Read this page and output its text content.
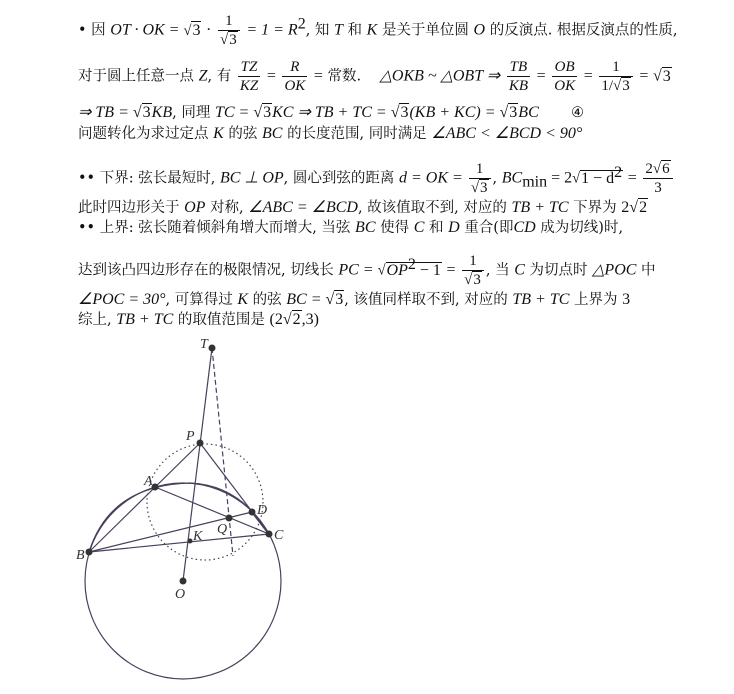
• 因 OT · OK = $√3 \cdot \frac{1}{√3} = 1 = R^2$, 知 T 和 K 是关于单位圆 O 的反演点. 根据反演点的性质,
对于圆上任意一点 Z, 有 $\frac{TZ}{KZ} = \frac{R}{OK}$ = 常数. △OKB ~ △OBT ⇒ $\frac{TB}{KB} = \frac{OB}{OK} = \frac{1}{1/√3} = √3$
⇒ TB = √3KB, 同理 TC = √3KC ⇒ TB + TC = √3(KB + KC) = √3BC ④
问题转化为求过定点 K 的弦 BC 的长度范围, 同时满足 ∠ABC < ∠BCD < 90°
•• 下界: 弦长最短时, BC ⊥ OP, 圆心到弦的距离 d = OK = $\frac{1}{√3}$ , $BC_{min} = 2√1 - d^2 = \frac{2√6}{3}$
此时四边形关于 OP 对称, ∠ABC = ∠BCD, 故该值取不到, 对应的 TB + TC 下界为 2√2
•• 上界: 弦长随着倾斜角增大而增大, 当弦 BC 使得 C 和 D 重合(即CD 成为切线)时,
达到该凸四边形存在的极限情况, 切线长 PC = $√OP^2 - 1 = \frac{1}{√3}$ , 当 C 为切点时 △POC 中
∠POC = 30°, 可算得过 K 的弦 BC = √3, 该值同样取不到, 对应的 TB + TC 上界为 3
综上, TB + TC 的取值范围是 (2√2,3)
T
P
A
D
Q	C
K
B
O
